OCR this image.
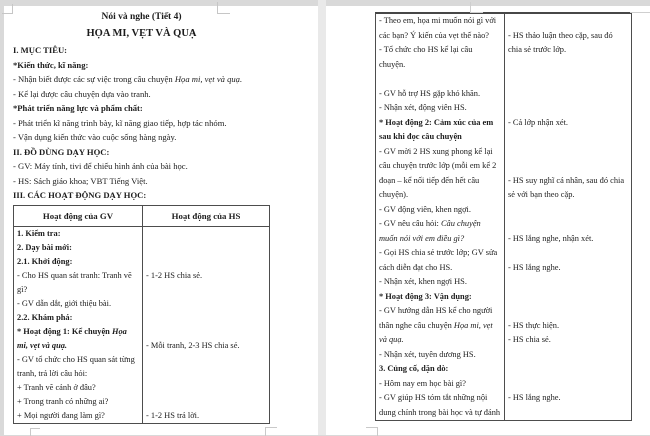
Nói và nghe (Tiết 4)
HỌA MI, VẸT VÀ QUẠ
I. MỤC TIÊU:
*Kiến thức, kĩ năng:
- Nhận biết được các sự việc trong câu chuyện Họa mi, vẹt và quạ.
- Kể lại được câu chuyện dựa vào tranh.
*Phát triển năng lực và phẩm chất:
- Phát triển kĩ năng trình bày, kĩ năng giao tiếp, hợp tác nhóm.
- Vận dụng kiến thức vào cuộc sống hàng ngày.
II. ĐỒ DÙNG DẠY HỌC:
- GV: Máy tính, tivi để chiếu hình ảnh của bài học.
- HS: Sách giáo khoa; VBT Tiếng Việt.
III. CÁC HOẠT ĐỘNG DẠY HỌC:
Hoạt động của GV	Hoạt động của HS
1. Kiểm tra:
2. Dạy bài mới:
2.1. Khởi động:
- Cho HS quan sát tranh: Tranh vẽ	- 1-2 HS chia sẻ.
gì?
- GV dẫn dắt, giới thiệu bài.
2.2. Khám phá:
* Hoạt động 1: Kể chuyện Họa
mi, vẹt và quạ.	- Mỗi tranh, 2-3 HS chia sẻ.
- GV tổ chức cho HS quan sát từng
tranh, trả lời câu hỏi:
+ Tranh vẽ cảnh ở đâu?
+ Trong tranh có những ai?
+ Mọi người đang làm gì?	- 1-2 HS trả lời.
- Theo em, họa mi muốn nói gì với
các bạn? Ý kiến của vẹt thế nào?	- HS thảo luận theo cặp, sau đó
- Tổ chức cho HS kể lại câu	chia sẻ trước lớp.
chuyện.
- GV hỗ trợ HS gặp khó khăn.
- Nhận xét, động viên HS.
* Hoạt động 2: Cảm xúc của em	- Cả lớp nhận xét.
sau khi đọc câu chuyện
- GV mời 2 HS xung phong kể lại
câu chuyện trước lớp (mỗi em kể 2
đoạn – kể nối tiếp đến hết câu	- HS suy nghĩ cá nhân, sau đó chia
chuyện).	sẻ với bạn theo cặp.
- GV động viên, khen ngợi.
- GV nêu câu hỏi: Câu chuyện
muốn nói với em điều gì?	- HS lắng nghe, nhận xét.
- Gọi HS chia sẻ trước lớp; GV sửa
cách diễn đạt cho HS.	- HS lắng nghe.
- Nhận xét, khen ngợi HS.
* Hoạt động 3: Vận dụng:
- GV hướng dẫn HS kể cho người
thân nghe câu chuyện Họa mi, vẹt	- HS thực hiện.
và quạ.	- HS chia sẻ.
- Nhận xét, tuyên dương HS.
3. Củng cố, dặn dò:
- Hôm nay em học bài gì?
- GV giúp HS tóm tắt những nội	- HS lắng nghe.
dung chính trong bài học và tự đánh
